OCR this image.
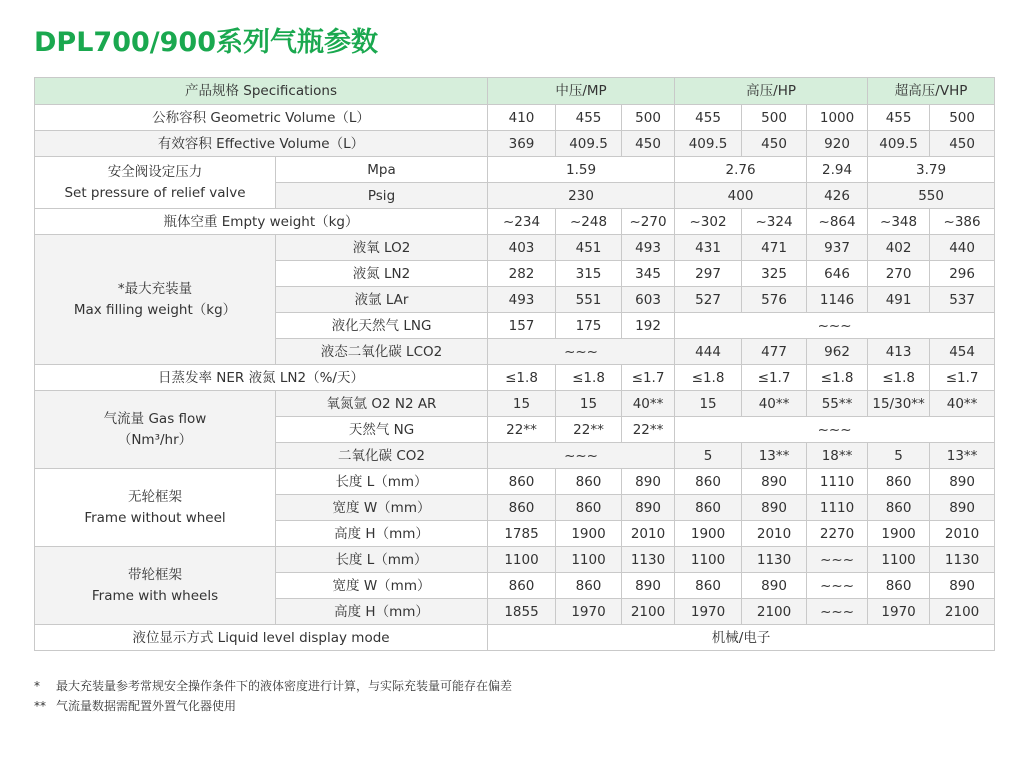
DPL700/900系列气瓶参数
产品规格 Specifications		中压/MP			高压/HP			超高压/VHP	
公称容积 Geometric Volume（L）		410	455	500	455	500	1000	455	500
有效容积 Effective Volume（L）		369	409.5	450	409.5	450	920	409.5	450
安全阀设定压力
Set pressure of relief valve	Mpa	1.59			2.76		2.94	3.79	
	Psig	230			400		426	550	
瓶体空重 Empty weight（kg）		~234	~248	~270	~302	~324	~864	~348	~386
*最大充装量
Max filling weight（kg）	液氧 LO2	403	451	493	431	471	937	402	440
	液氮 LN2	282	315	345	297	325	646	270	296
	液氩 LAr	493	551	603	527	576	1146	491	537
	液化天然气 LNG	157	175	192	~~~				
	液态二氧化碳 LCO2	~~~			444	477	962	413	454
日蒸发率 NER 液氮 LN2（%/天）		≤1.8	≤1.8	≤1.7	≤1.8	≤1.7	≤1.8	≤1.8	≤1.7
气流量 Gas flow
（Nm³/hr）	氧氮氩 O2 N2 AR	15	15	40**	15	40**	55**	15/30**	40**
	天然气 NG	22**	22**	22**	~~~				
	二氧化碳 CO2	~~~			5	13**	18**	5	13**
无轮框架
Frame without wheel	长度 L（mm）	860	860	890	860	890	1110	860	890
	宽度 W（mm）	860	860	890	860	890	1110	860	890
	高度 H（mm）	1785	1900	2010	1900	2010	2270	1900	2010
带轮框架
Frame with wheels	长度 L（mm）	1100	1100	1130	1100	1130	~~~	1100	1130
	宽度 W（mm）	860	860	890	860	890	~~~	860	890
	高度 H（mm）	1855	1970	2100	1970	2100	~~~	1970	2100
液位显示方式 Liquid level display mode		机械/电子							
* 最大充装量参考常规安全操作条件下的液体密度进行计算，与实际充装量可能存在偏差
** 气流量数据需配置外置气化器使用
